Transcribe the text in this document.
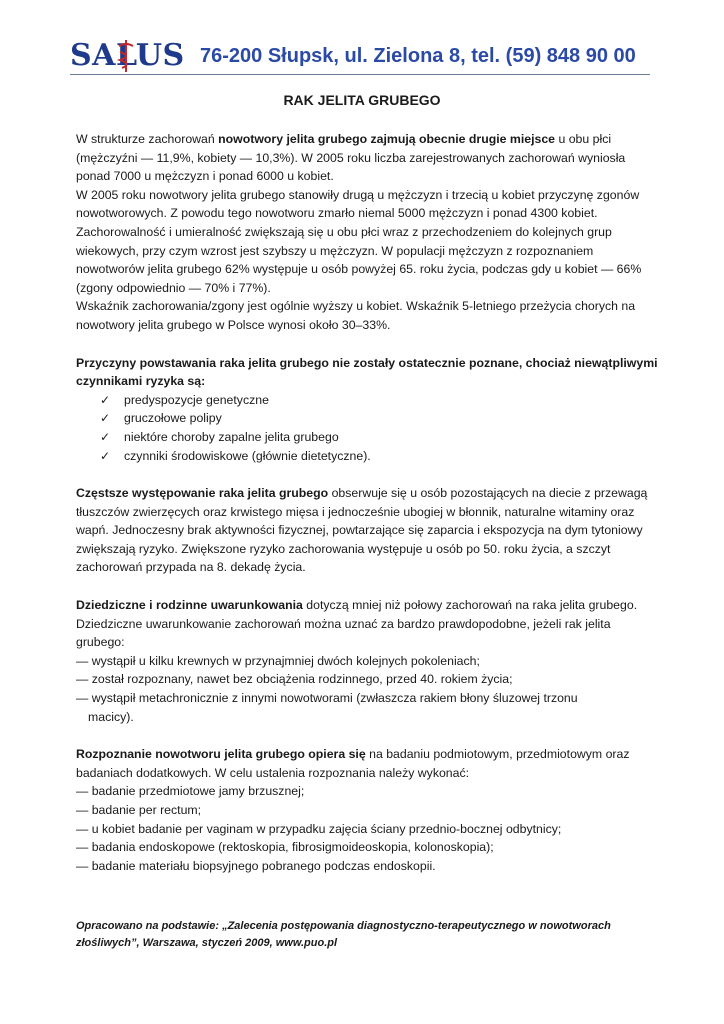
SALUS 76-200 Słupsk, ul. Zielona 8, tel. (59) 848 90 00
RAK JELITA GRUBEGO

W strukturze zachorowań nowotwory jelita grubego zajmują obecnie drugie miejsce u obu płci (mężczyźni — 11,9%, kobiety — 10,3%). W 2005 roku liczba zarejestrowanych zachorowań wyniosła ponad 7000 u mężczyzn i ponad 6000 u kobiet.

W 2005 roku nowotwory jelita grubego stanowiły drugą u mężczyzn i trzecią u kobiet przyczynę zgonów nowotworowych. Z powodu tego nowotworu zmarło niemal 5000 mężczyzn i ponad 4300 kobiet.

Zachorowalność i umieralność zwiększają się u obu płci wraz z przechodzeniem do kolejnych grup wiekowych, przy czym wzrost jest szybszy u mężczyzn. W populacji mężczyzn z rozpoznaniem nowotworów jelita grubego 62% występuje u osób powyżej 65. roku życia, podczas gdy u kobiet — 66% (zgony odpowiednio — 70% i 77%).

Wskaźnik zachorowania/zgony jest ogólnie wyższy u kobiet. Wskaźnik 5-letniego przeżycia chorych na nowotwory jelita grubego w Polsce wynosi około 30–33%.

Przyczyny powstawania raka jelita grubego nie zostały ostatecznie poznane, chociaż niewątpliwymi czynnikami ryzyka są:

✓ predyspozycje genetyczne
✓ gruczołowe polipy
✓ niektóre choroby zapalne jelita grubego
✓ czynniki środowiskowe (głównie dietetyczne).

Częstsze występowanie raka jelita grubego obserwuje się u osób pozostających na diecie z przewagą tłuszczów zwierzęcych oraz krwistego mięsa i jednocześnie ubogiej w błonnik, naturalne witaminy oraz wapń. Jednoczesny brak aktywności fizycznej, powtarzające się zaparcia i ekspozycja na dym tytoniowy zwiększają ryzyko. Zwiększone ryzyko zachorowania występuje u osób po 50. roku życia, a szczyt zachorowań przypada na 8. dekadę życia.

Dziedziczne i rodzinne uwarunkowania dotyczą mniej niż połowy zachorowań na raka jelita grubego. Dziedziczne uwarunkowanie zachorowań można uznać za bardzo prawdopodobne, jeżeli rak jelita grubego:

— wystąpił u kilku krewnych w przynajmniej dwóch kolejnych pokoleniach;

— został rozpoznany, nawet bez obciążenia rodzinnego, przed 40. rokiem życia;

— wystąpił metachronicznie z innymi nowotworami (zwłaszcza rakiem błony śluzowej trzonu

macicy).

Rozpoznanie nowotworu jelita grubego opiera się na badaniu podmiotowym, przedmiotowym oraz badaniach dodatkowych. W celu ustalenia rozpoznania należy wykonać:

— badanie przedmiotowe jamy brzusznej;

— badanie per rectum;

— u kobiet badanie per vaginam w przypadku zajęcia ściany przednio-bocznej odbytnicy;

— badania endoskopowe (rektoskopia, fibrosigmoideoskopia, kolonoskopia);

— badanie materiału biopsyjnego pobranego podczas endoskopii.

Opracowano na podstawie: „Zalecenia postępowania diagnostyczno-terapeutycznego w nowotworach złośliwych”, Warszawa, styczeń 2009, www.puo.pl
